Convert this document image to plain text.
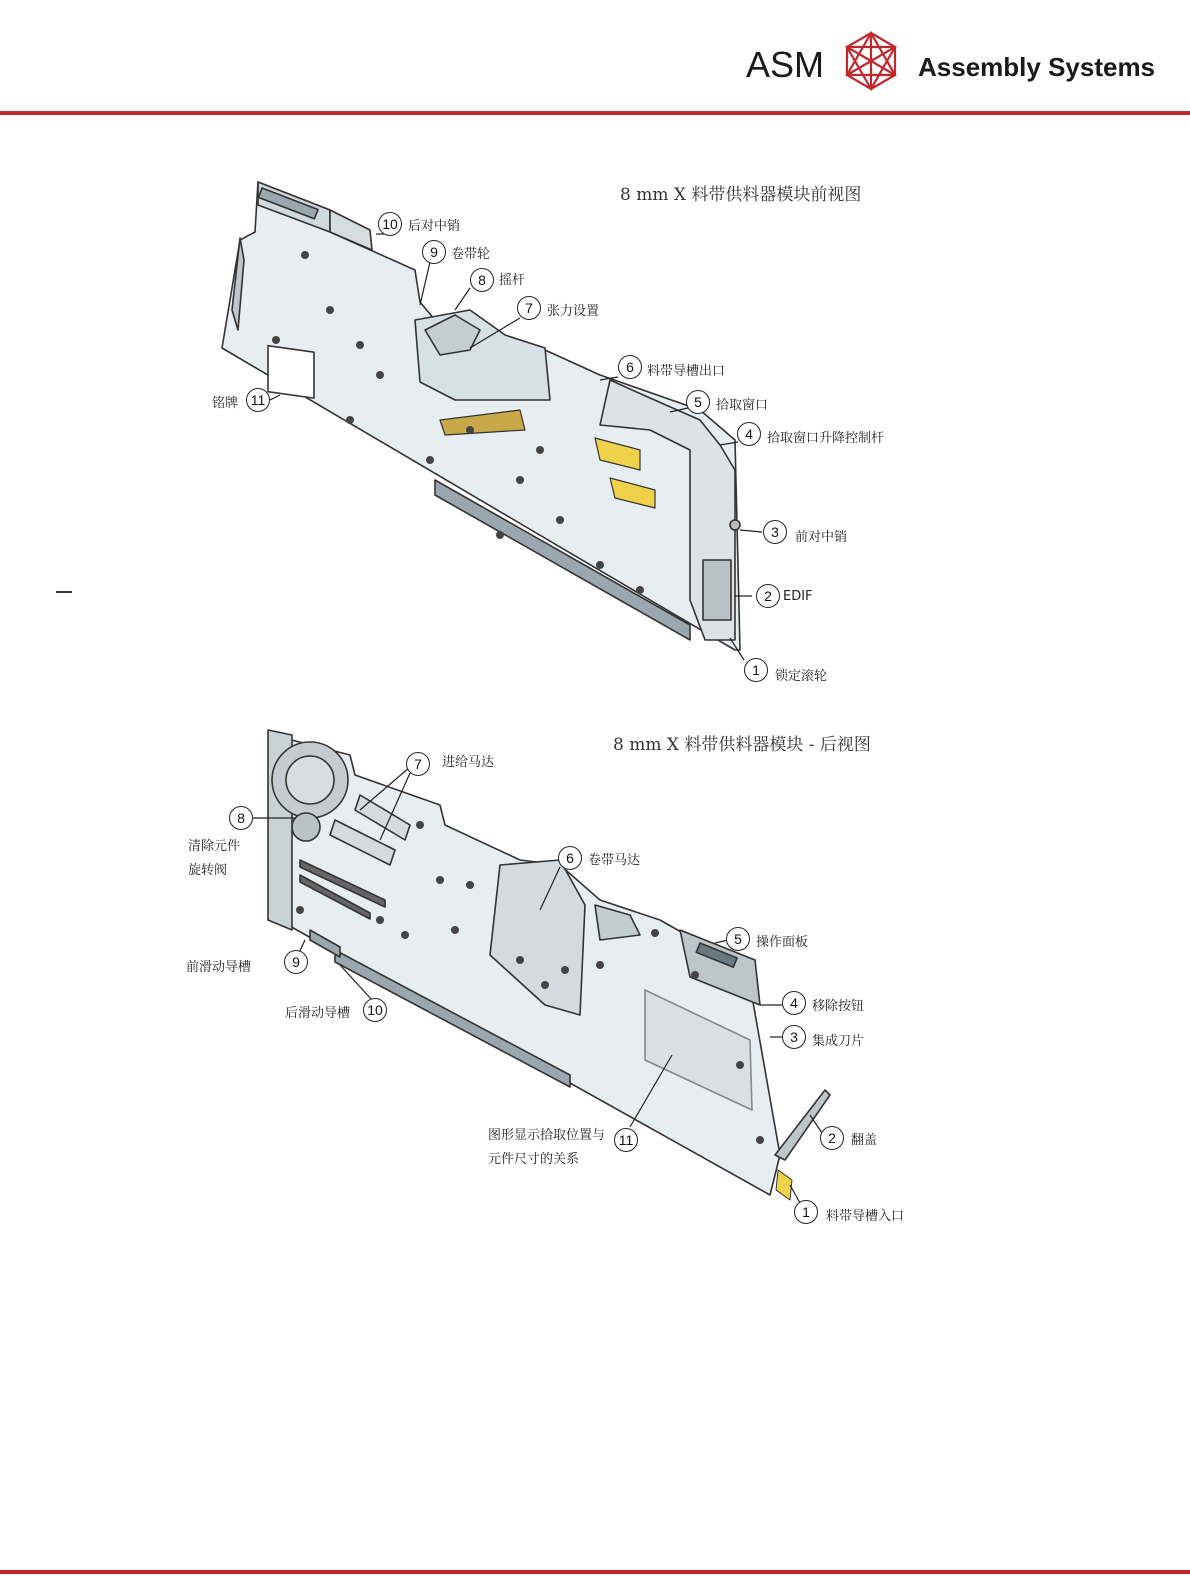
ASM	Assembly Systems
8 mm X 料带供料器模块前视图
10 后对中销
9	卷带轮
8	摇杆
7	张力设置
6	料带导槽出口
5	拾取窗口
4	拾取窗口升降控制杆
3	前对中销
2 EDIF
1	锁定滚轮
11
铭牌
8 mm X 料带供料器模块 - 后视图
7	进给马达
8
清除元件
旋转阀
6	卷带马达
5	操作面板
9
前滑动导槽
10
后滑动导槽
4	移除按钮
3	集成刀片
2	翻盖
11
图形显示拾取位置与
元件尺寸的关系
1	料带导槽入口
